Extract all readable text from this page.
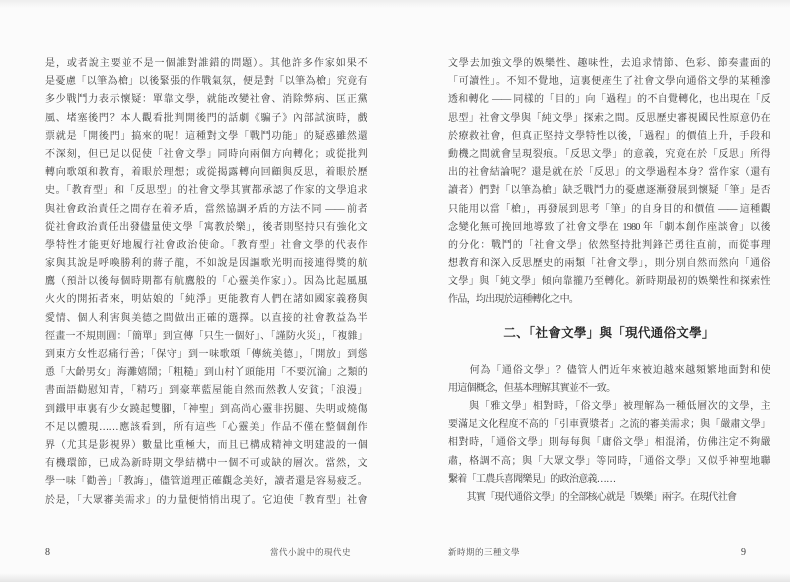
是，或者說主要並不是一個誰對誰錯的問題）。其他許多作家如果不
是憂慮「以筆為槍」以後緊張的作戰氣氛，便是對「以筆為槍」究竟有
多少戰鬥力表示懷疑：單靠文學，就能改變社會、消除弊病、匡正黨
風、堵塞後門？本人觀看批判開後門的話劇《騙子》內部試演時，戲
票就是「開後門」搞來的呢！這種對文學「戰鬥功能」的疑惑雖然還
不深刻，但已足以促使「社會文學」同時向兩個方向轉化；或從批判
轉向歌頌和教育，着眼於理想；或從揭露轉向回顧與反思，着眼於歷
史。「教育型」和「反思型」的社會文學其實都承認了作家的文學追求
與社會政治責任之間存在着矛盾，當然協調矛盾的方法不同 —— 前者
從社會政治責任出發儘量使文學「寓教於樂」，後者則堅持只有強化文
學特性才能更好地履行社會政治使命。「教育型」社會文學的代表作
家與其說是呼喚勝利的蔣子龍，不如說是因謳歌光明而接連得獎的航
鷹（預計以後每個時期都有航鷹般的「心靈美作家」）。因為比起風風
火火的開拓者來，明姑娘的「純淨」更能教育人們在諸如國家義務與
愛情、個人利害與美德之間做出正確的選擇。以直接的社會教益為半
徑畫一不規則圓：「簡單」到宣傳「只生一個好」、「謹防火災」，「複雜」
到東方女性忍痛行善；「保守」到一味歌頌「傳統美德」，「開放」到慫
恿「大齡男女」海灘嬉鬧；「粗糙」到山村丫頭能用「不要沉淪」之類的
書面語勸慰知青，「精巧」到豪華藍屋能自然而然教人安貧；「浪漫」
到鐵甲車裏有少女蹺起雙腳，「神聖」到高尚心靈非拐腿、失明或燒傷
不足以體現……應該看到，所有這些「心靈美」作品不僅在整個創作
界（尤其是影視界）數量比重極大，而且已構成精神文明建設的一個
有機環節，已成為新時期文學結構中一個不可或缺的層次。當然，文
學一味「勸善」「教誨」，儘管道理正確觀念美好，讀者還是容易疲乏。
於是，「大眾審美需求」的力量便悄悄出現了。它迫使「教育型」社會
8	當代小說中的現代史
文學去加強文學的娛樂性、趣味性，去追求情節、色彩、節奏畫面的
「可讀性」。不知不覺地，這裏便產生了社會文學向通俗文學的某種滲
透和轉化 —— 同樣的「目的」向「過程」的不自覺轉化，也出現在「反
思型」社會文學與「純文學」探索之間。反思歷史審視國民性原意仍在
於療救社會，但真正堅持文學特性以後，「過程」的價值上升，手段和
動機之間就會呈現裂痕。「反思文學」的意義，究竟在於「反思」所得
出的社會結論呢？還是就在於「反思」的文學過程本身？當作家（還有
讀者）們對「以筆為槍」缺乏戰鬥力的憂慮逐漸發展到懷疑「筆」是否
只能用以當「槍」，再發展到思考「筆」的自身目的和價值 —— 這種觀
念變化無可挽回地導致了社會文學在 1980 年「劇本創作座談會」以後
的分化：戰鬥的「社會文學」依然堅持批判鋒芒勇往直前，而從事理
想教育和深入反思歷史的兩類「社會文學」，則分別自然而然向「通俗
文學」與「純文學」傾向靠攏乃至轉化。新時期最初的娛樂性和探索性
作品，均出現於這種轉化之中。
二、「社會文學」與「現代通俗文學」
　　何為「通俗文學」？儘管人們近年來被迫越來越頻繁地面對和使
用這個概念，但基本理解其實並不一致。
　　與「雅文學」相對時，「俗文學」被理解為一種低層次的文學，主
要滿足文化程度不高的「引車賣漿者」之流的審美需求；與「嚴肅文學」
相對時，「通俗文學」則每每與「庸俗文學」相混淆，仿佛注定不夠嚴
肅，格調不高；與「大眾文學」等同時，「通俗文學」又似乎神聖地聯
繫着「工農兵喜聞樂見」的政治意義……
　　其實「現代通俗文學」的全部核心就是「娛樂」兩字。在現代社會
新時期的三種文學	9
